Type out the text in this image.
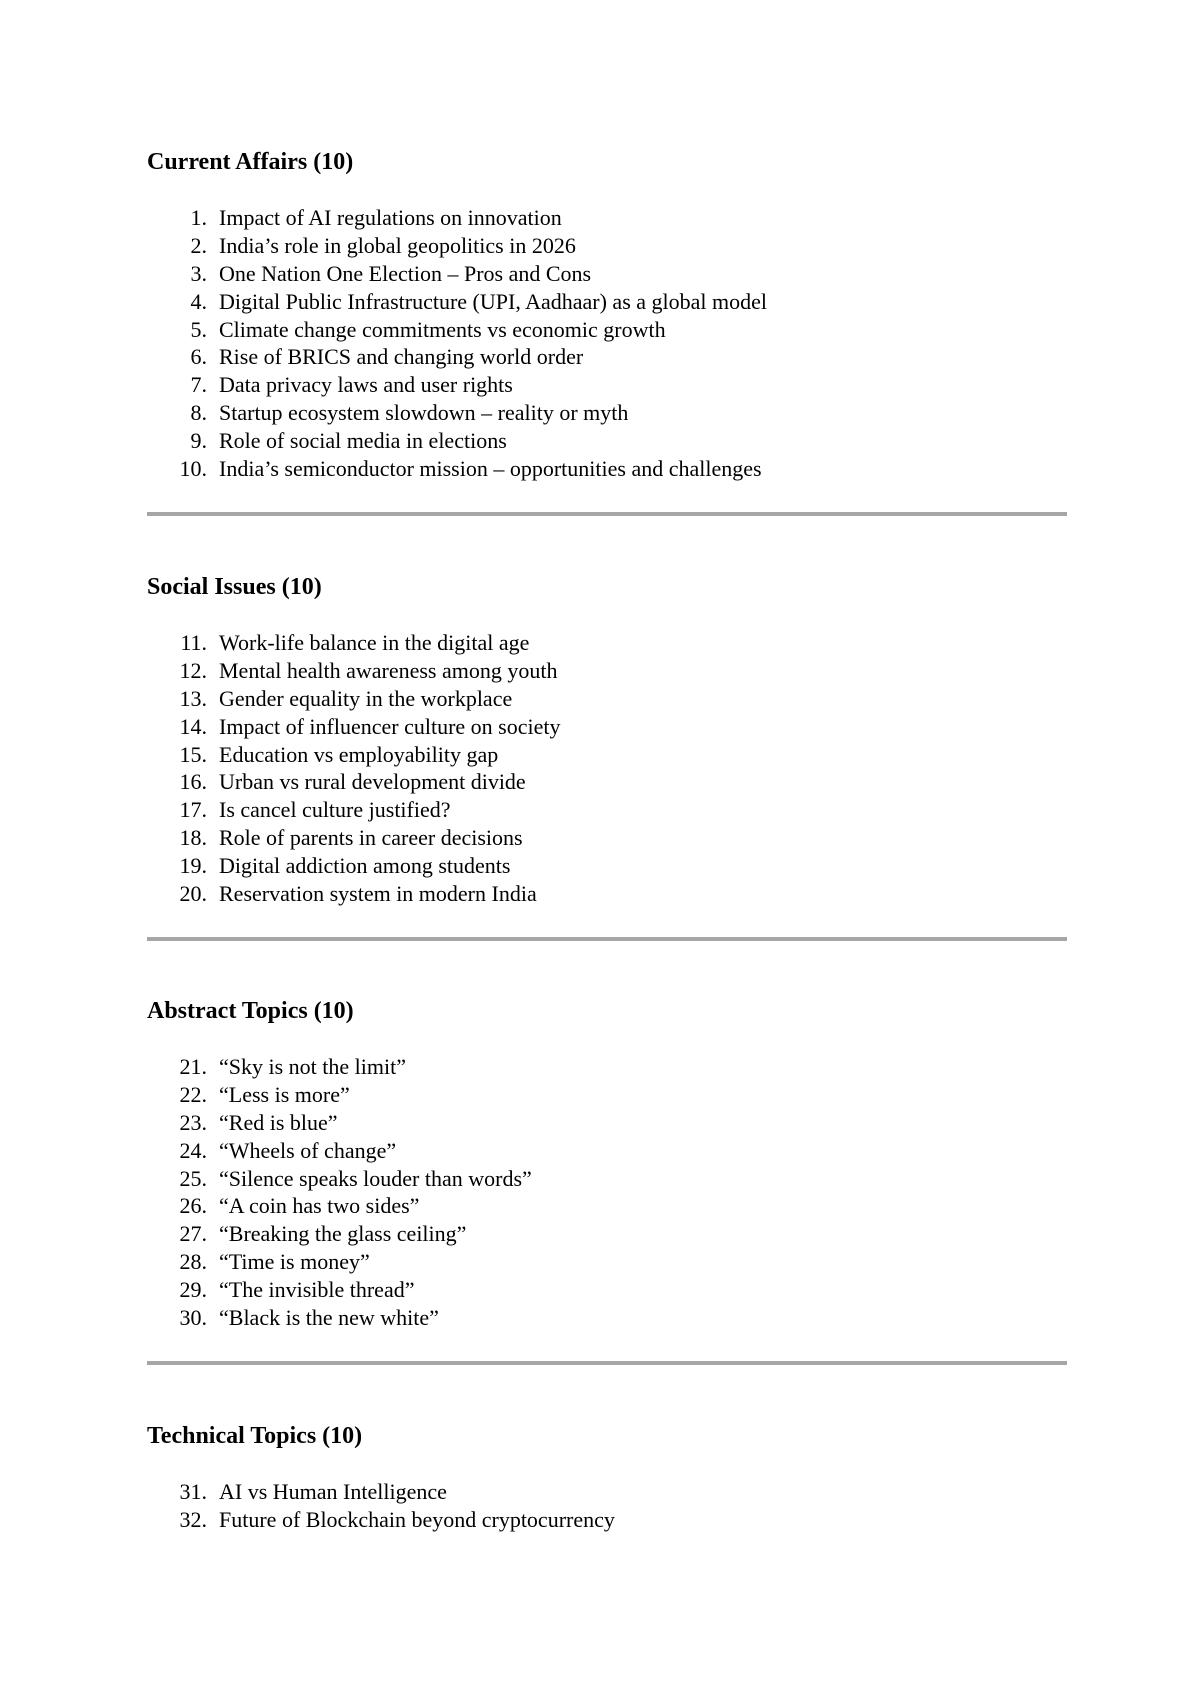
Current Affairs (10)
1. Impact of AI regulations on innovation
2. India’s role in global geopolitics in 2026
3. One Nation One Election – Pros and Cons
4. Digital Public Infrastructure (UPI, Aadhaar) as a global model
5. Climate change commitments vs economic growth
6. Rise of BRICS and changing world order
7. Data privacy laws and user rights
8. Startup ecosystem slowdown – reality or myth
9. Role of social media in elections
10. India’s semiconductor mission – opportunities and challenges
Social Issues (10)
11. Work-life balance in the digital age
12. Mental health awareness among youth
13. Gender equality in the workplace
14. Impact of influencer culture on society
15. Education vs employability gap
16. Urban vs rural development divide
17. Is cancel culture justified?
18. Role of parents in career decisions
19. Digital addiction among students
20. Reservation system in modern India
Abstract Topics (10)
21. “Sky is not the limit”
22. “Less is more”
23. “Red is blue”
24. “Wheels of change”
25. “Silence speaks louder than words”
26. “A coin has two sides”
27. “Breaking the glass ceiling”
28. “Time is money”
29. “The invisible thread”
30. “Black is the new white”
Technical Topics (10)
31. AI vs Human Intelligence
32. Future of Blockchain beyond cryptocurrency
